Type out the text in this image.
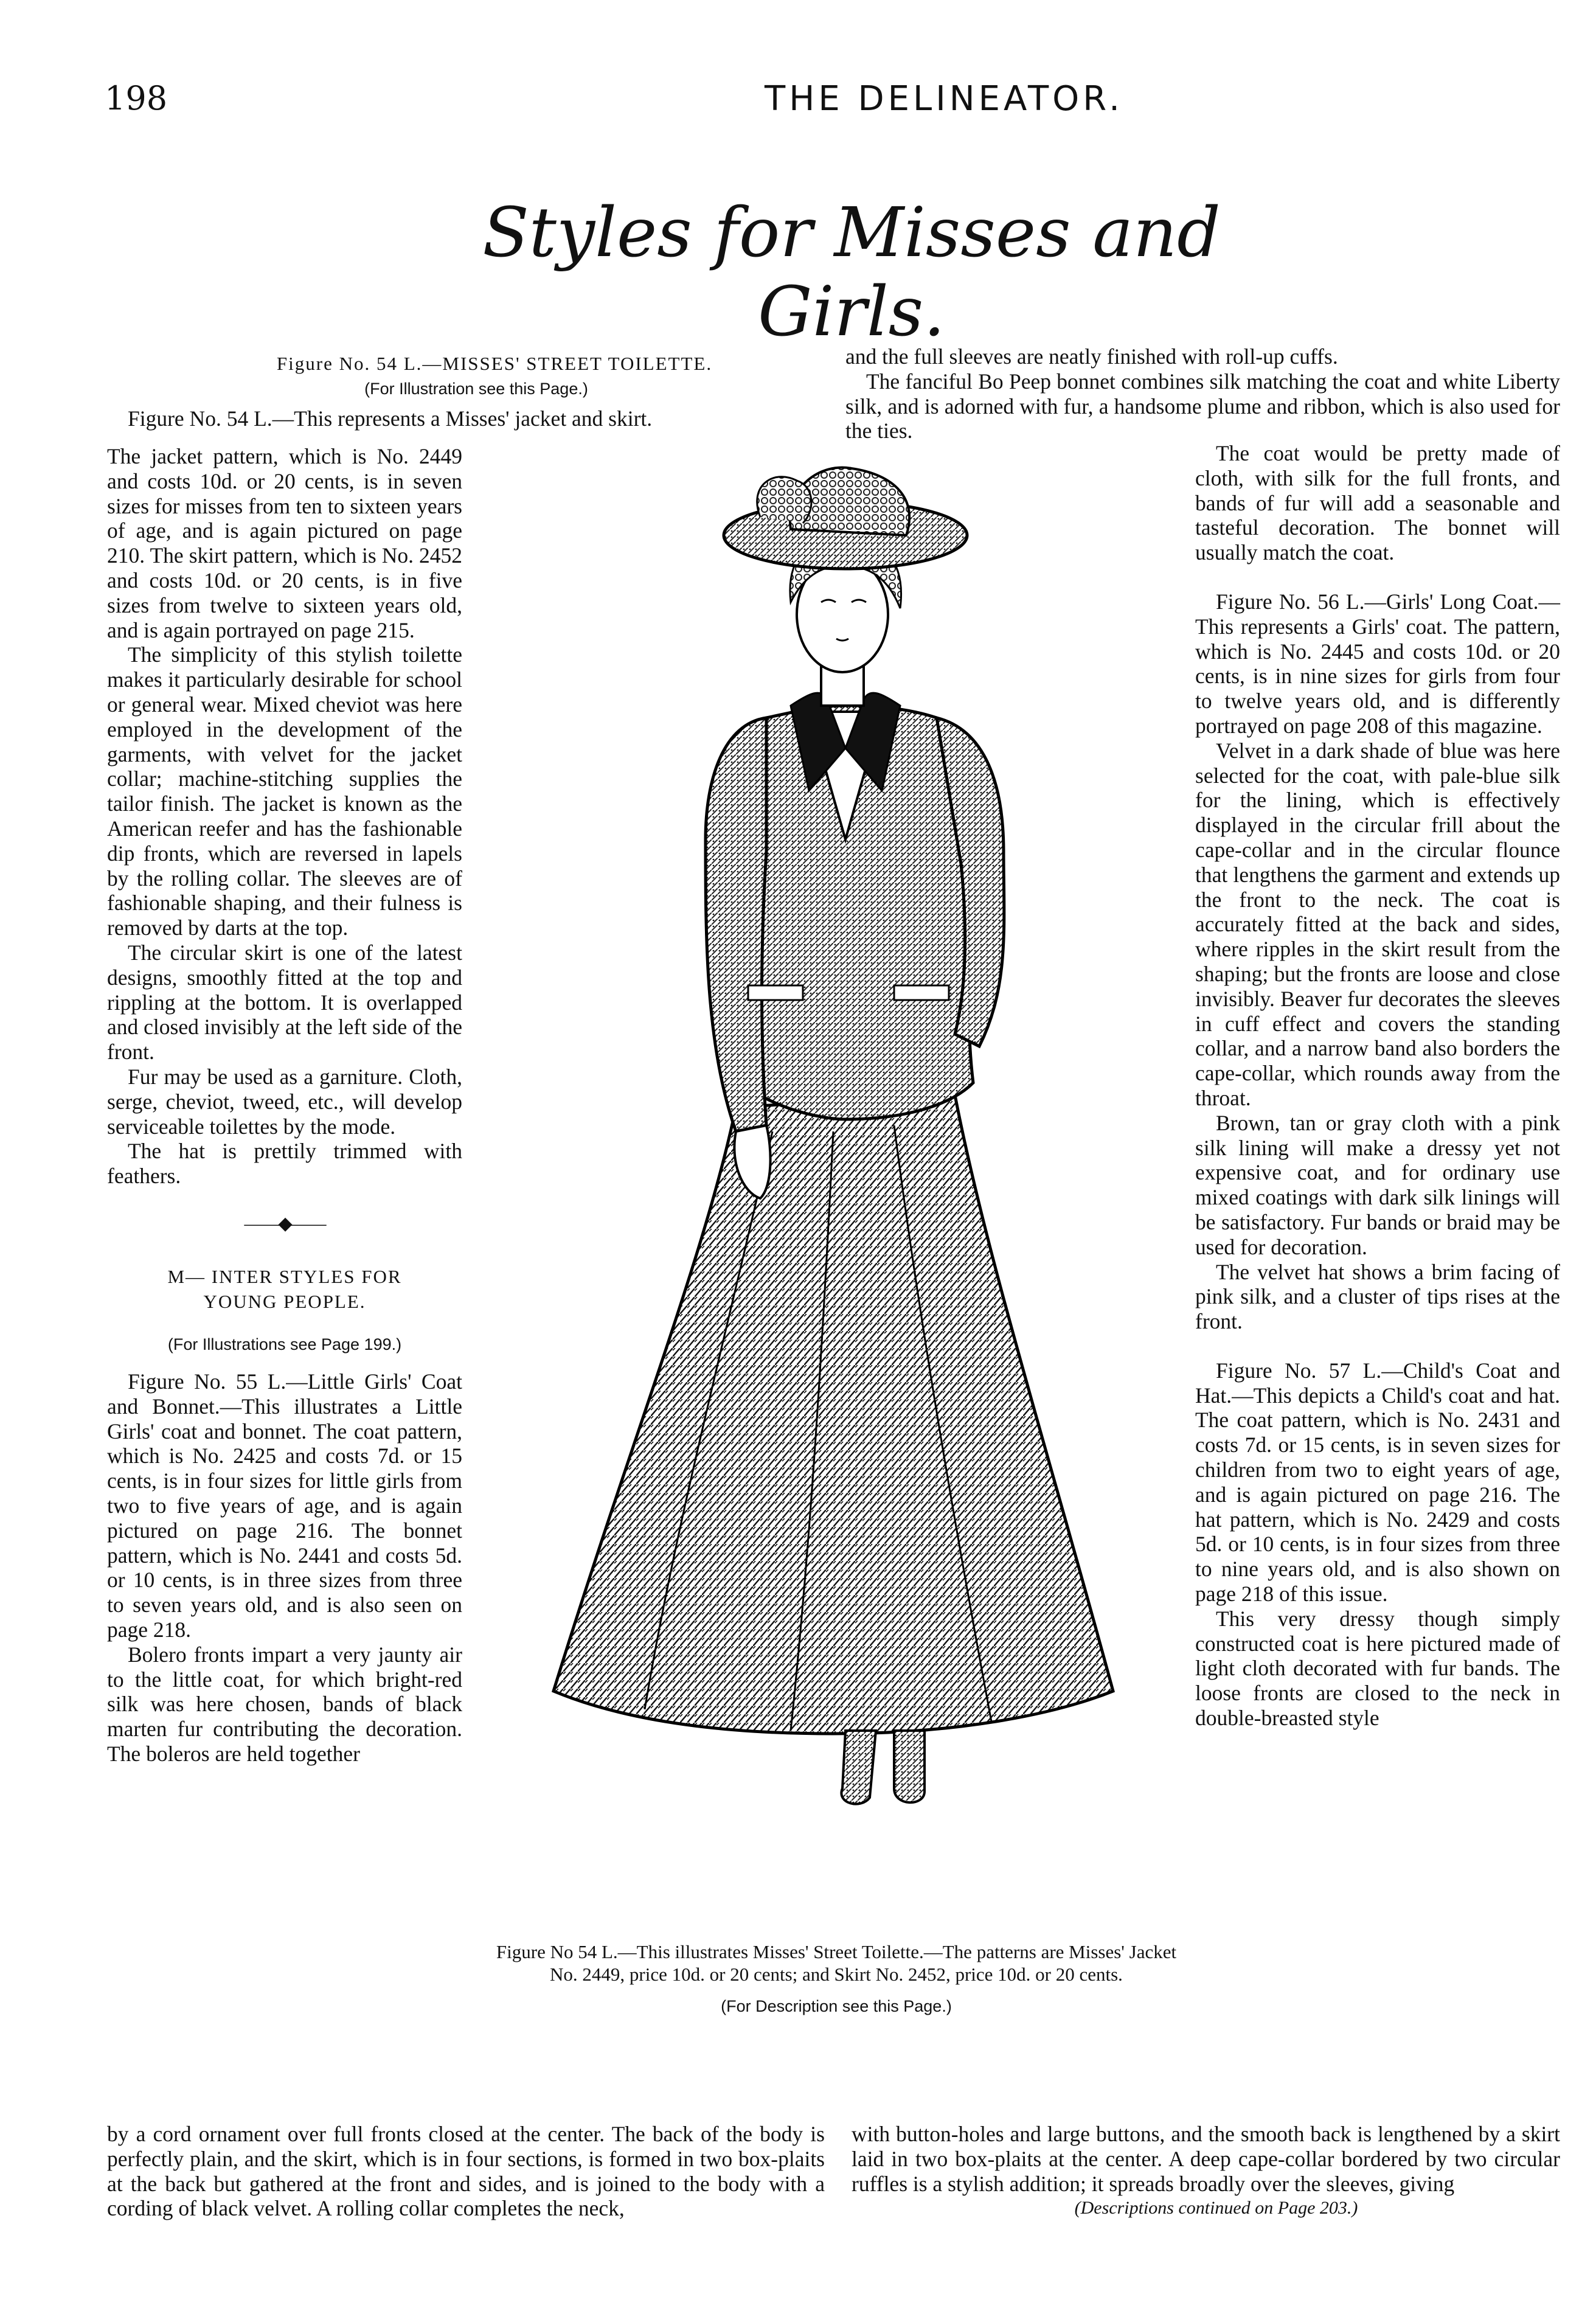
198	THE DELINEATOR.
Styles for Misses and Girls.

Figure No. 54 L.—MISSES' STREET TOILETTE.

(For Illustration see this Page.)

Figure No. 54 L.—This represents a Misses' jacket and skirt.

The jacket pattern, which is No. 2449 and costs 10d. or 20 cents, is in seven sizes for misses from ten to sixteen years of age, and is again pictured on page 210. The skirt pattern, which is No. 2452 and costs 10d. or 20 cents, is in five sizes from twelve to sixteen years old, and is again portrayed on page 215.

The simplicity of this stylish toilette makes it particularly desirable for school or general wear. Mixed cheviot was here employed in the development of the garments, with velvet for the jacket collar; machine-stitching supplies the tailor finish. The jacket is known as the American reefer and has the fashionable dip fronts, which are reversed in lapels by the rolling collar. The sleeves are of fashionable shaping, and their fulness is removed by darts at the top.

The circular skirt is one of the latest designs, smoothly fitted at the top and rippling at the bottom. It is overlapped and closed invisibly at the left side of the front.

Fur may be used as a garniture. Cloth, serge, cheviot, tweed, etc., will develop serviceable toilettes by the mode.

The hat is prettily trimmed with feathers.

——◆——

M— INTER STYLES FOR

YOUNG PEOPLE.

(For Illustrations see Page 199.)

Figure No. 55 L.—Little Girls' Coat and Bonnet.—This illustrates a Little Girls' coat and bonnet. The coat pattern, which is No. 2425 and costs 7d. or 15 cents, is in four sizes for little girls from two to five years of age, and is again pictured on page 216. The bonnet pattern, which is No. 2441 and costs 5d. or 10 cents, is in three sizes from three to seven years old, and is also seen on page 218.

Bolero fronts impart a very jaunty air to the little coat, for which bright-red silk was here chosen, bands of black marten fur contributing the decoration. The boleros are held together

by a cord ornament over full fronts closed at the center. The back of the body is perfectly plain, and the skirt, which is in four sections, is formed in two box-plaits at the back but gathered at the front and sides, and is joined to the body with a cording of black velvet. A rolling collar completes the neck,

and the full sleeves are neatly finished with roll-up cuffs.

The fanciful Bo Peep bonnet combines silk matching the coat and white Liberty silk, and is adorned with fur, a handsome plume and ribbon, which is also used for the ties.

The coat would be pretty made of cloth, with silk for the full fronts, and bands of fur will add a seasonable and tasteful decoration. The bonnet will usually match the coat.

Figure No. 56 L.—Girls' Long Coat.—This represents a Girls' coat. The pattern, which is No. 2445 and costs 10d. or 20 cents, is in nine sizes for girls from four to twelve years old, and is differently portrayed on page 208 of this magazine.

Velvet in a dark shade of blue was here selected for the coat, with pale-blue silk for the lining, which is effectively displayed in the circular frill about the cape-collar and in the circular flounce that lengthens the garment and extends up the front to the neck. The coat is accurately fitted at the back and sides, where ripples in the skirt result from the shaping; but the fronts are loose and close invisibly. Beaver fur decorates the sleeves in cuff effect and covers the standing collar, and a narrow band also borders the cape-collar, which rounds away from the throat.

Brown, tan or gray cloth with a pink silk lining will make a dressy yet not expensive coat, and for ordinary use mixed coatings with dark silk linings will be satisfactory. Fur bands or braid may be used for decoration.

The velvet hat shows a brim facing of pink silk, and a cluster of tips rises at the front.

Figure No. 57 L.—Child's Coat and Hat.—This depicts a Child's coat and hat. The coat pattern, which is No. 2431 and costs 7d. or 15 cents, is in seven sizes for children from two to eight years of age, and is again pictured on page 216. The hat pattern, which is No. 2429 and costs 5d. or 10 cents, is in four sizes from three to nine years old, and is also shown on page 218 of this issue.

This very dressy though simply constructed coat is here pictured made of light cloth decorated with fur bands. The loose fronts are closed to the neck in double-breasted style

with button-holes and large buttons, and the smooth back is lengthened by a skirt laid in two box-plaits at the center. A deep cape-collar bordered by two circular ruffles is a stylish addition; it spreads broadly over the sleeves, giving

(Descriptions continued on Page 203.)

Figure No 54 L.—This illustrates Misses' Street Toilette.—The patterns are Misses' Jacket No. 2449, price 10d. or 20 cents; and Skirt No. 2452, price 10d. or 20 cents.
(For Description see this Page.)
